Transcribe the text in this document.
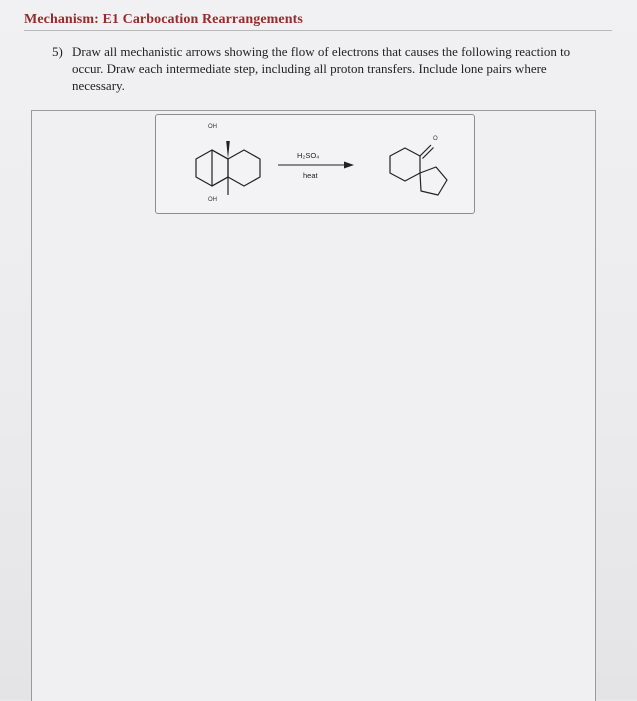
Mechanism: E1 Carbocation Rearrangements
5) Draw all mechanistic arrows showing the flow of electrons that causes the following reaction to occur. Draw each intermediate step, including all proton transfers. Include lone pairs where necessary.
OH
OH
H₂SO₄
heat
O
